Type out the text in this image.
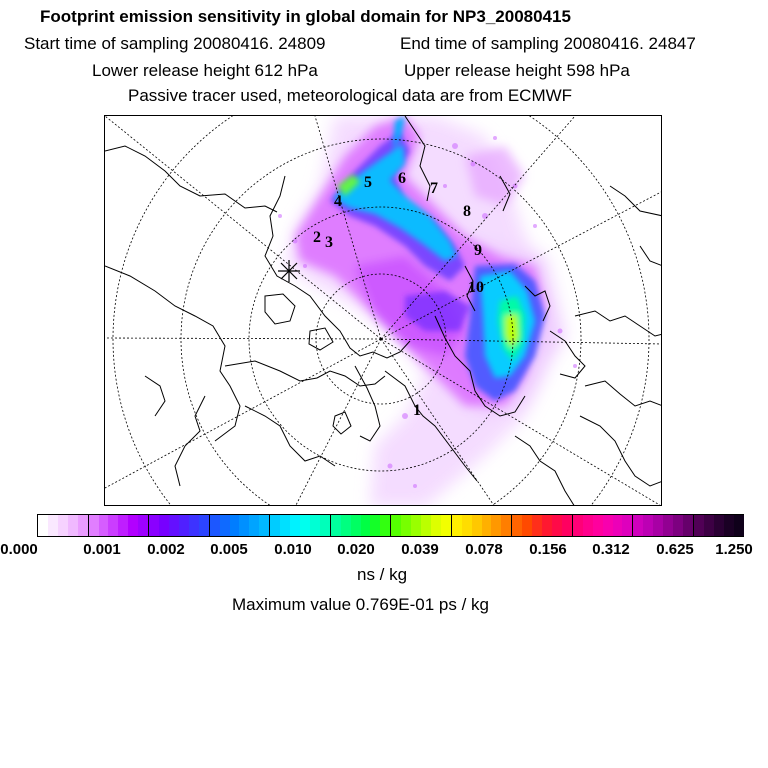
Footprint emission sensitivity in global domain for NP3_20080415
Start time of sampling 20080416. 24809	End time of sampling 20080416. 24847
Lower release height 612 hPa	Upper release height 598 hPa
Passive tracer used, meteorological data are from ECMWF
1
2 3
4
5 6
7
8
9
10
0.000	0.001 0.002 0.005 0.010 0.020 0.039 0.078 0.156 0.312 0.625 1.250
ns / kg
Maximum value 0.769E-01 ps / kg
